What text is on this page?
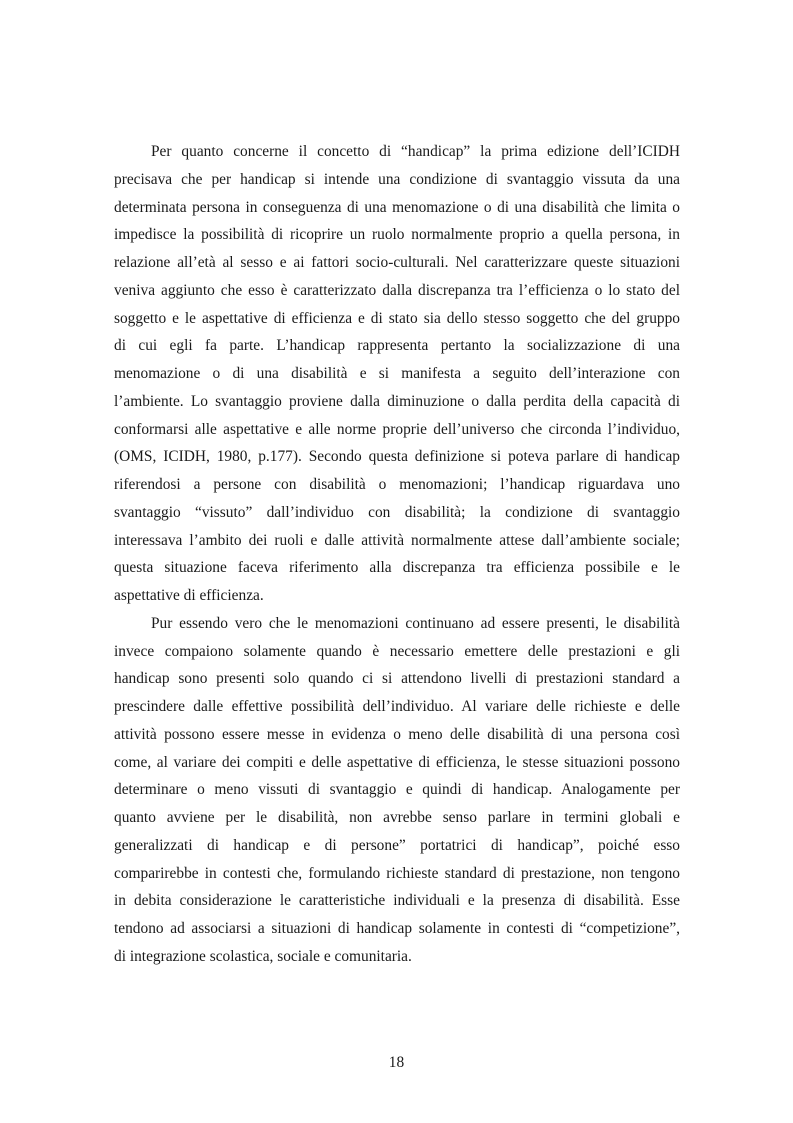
Per quanto concerne il concetto di “handicap” la prima edizione dell’ICIDH
precisava che per handicap si intende una condizione di svantaggio vissuta da una
determinata persona in conseguenza di una menomazione o di una disabilità che limita o
impedisce la possibilità di ricoprire un ruolo normalmente proprio a quella persona, in
relazione all’età al sesso e ai fattori socio-culturali. Nel caratterizzare queste situazioni
veniva aggiunto che esso è caratterizzato dalla discrepanza tra l’efficienza o lo stato del
soggetto e le aspettative di efficienza e di stato sia dello stesso soggetto che del gruppo
di cui egli fa parte. L’handicap rappresenta pertanto la socializzazione di una
menomazione o di una disabilità e si manifesta a seguito dell’interazione con
l’ambiente. Lo svantaggio proviene dalla diminuzione o dalla perdita della capacità di
conformarsi alle aspettative e alle norme proprie dell’universo che circonda l’individuo,
(OMS, ICIDH, 1980, p.177). Secondo questa definizione si poteva parlare di handicap
riferendosi a persone con disabilità o menomazioni; l’handicap riguardava uno
svantaggio “vissuto” dall’individuo con disabilità; la condizione di svantaggio
interessava l’ambito dei ruoli e dalle attività normalmente attese dall’ambiente sociale;
questa situazione faceva riferimento alla discrepanza tra efficienza possibile e le
aspettative di efficienza.
Pur essendo vero che le menomazioni continuano ad essere presenti, le disabilità
invece compaiono solamente quando è necessario emettere delle prestazioni e gli
handicap sono presenti solo quando ci si attendono livelli di prestazioni standard a
prescindere dalle effettive possibilità dell’individuo. Al variare delle richieste e delle
attività possono essere messe in evidenza o meno delle disabilità di una persona così
come, al variare dei compiti e delle aspettative di efficienza, le stesse situazioni possono
determinare o meno vissuti di svantaggio e quindi di handicap. Analogamente per
quanto avviene per le disabilità, non avrebbe senso parlare in termini globali e
generalizzati di handicap e di persone” portatrici di handicap”, poiché esso
comparirebbe in contesti che, formulando richieste standard di prestazione, non tengono
in debita considerazione le caratteristiche individuali e la presenza di disabilità. Esse
tendono ad associarsi a situazioni di handicap solamente in contesti di “competizione”,
di integrazione scolastica, sociale e comunitaria.
18
